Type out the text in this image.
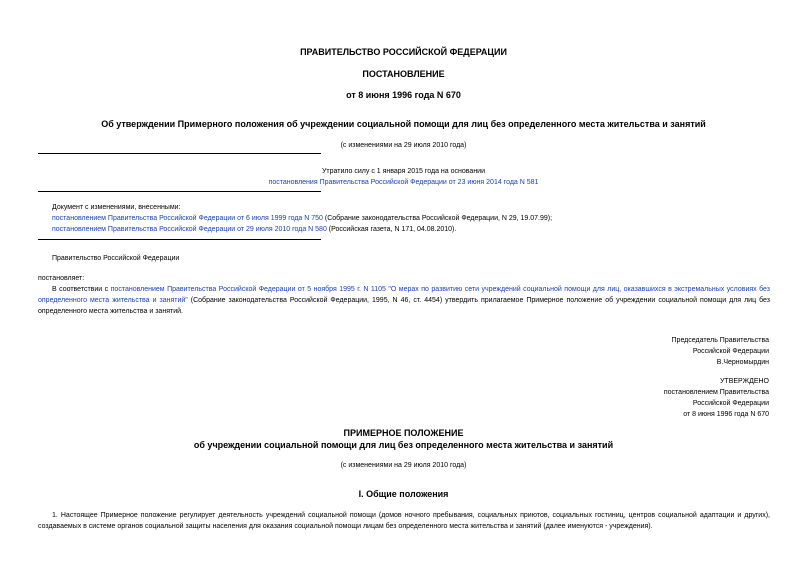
ПРАВИТЕЛЬСТВО РОССИЙСКОЙ ФЕДЕРАЦИИ
ПОСТАНОВЛЕНИЕ
от 8 июня 1996 года N 670
Об утверждении Примерного положения об учреждении социальной помощи для лиц без определенного места жительства и занятий
(с изменениями на 29 июля 2010 года)
Утратило силу с 1 января 2015 года на основании
постановления Правительства Российской Федерации от 23 июня 2014 года N 581
Документ с изменениями, внесенными:
постановлением Правительства Российской Федерации от 6 июля 1999 года N 750 (Собрание законодательства Российской Федерации, N 29, 19.07.99);
постановлением Правительства Российской Федерации от 29 июля 2010 года N 580 (Российская газета, N 171, 04.08.2010).
Правительство Российской Федерации
постановляет:
В соответствии с постановлением Правительства Российской Федерации от 5 ноября 1995 г. N 1105 "О мерах по развитию сети учреждений социальной помощи для лиц, оказавшихся в экстремальных условиях без определенного места жительства и занятий" (Собрание законодательства Российской Федерации, 1995, N 46, ст. 4454) утвердить прилагаемое Примерное положение об учреждении социальной помощи для лиц без определенного места жительства и занятий.
Председатель Правительства
Российской Федерации
В.Черномырдин
УТВЕРЖДЕНО
постановлением Правительства
Российской Федерации
от 8 июня 1996 года N 670
ПРИМЕРНОЕ ПОЛОЖЕНИЕ
об учреждении социальной помощи для лиц без определенного места жительства и занятий
(с изменениями на 29 июля 2010 года)
I. Общие положения
1. Настоящее Примерное положение регулирует деятельность учреждений социальной помощи (домов ночного пребывания, социальных приютов, социальных гостиниц, центров социальной адаптации и других), создаваемых в системе органов социальной защиты населения для оказания социальной помощи лицам без определенного места жительства и занятий (далее именуются - учреждения).
